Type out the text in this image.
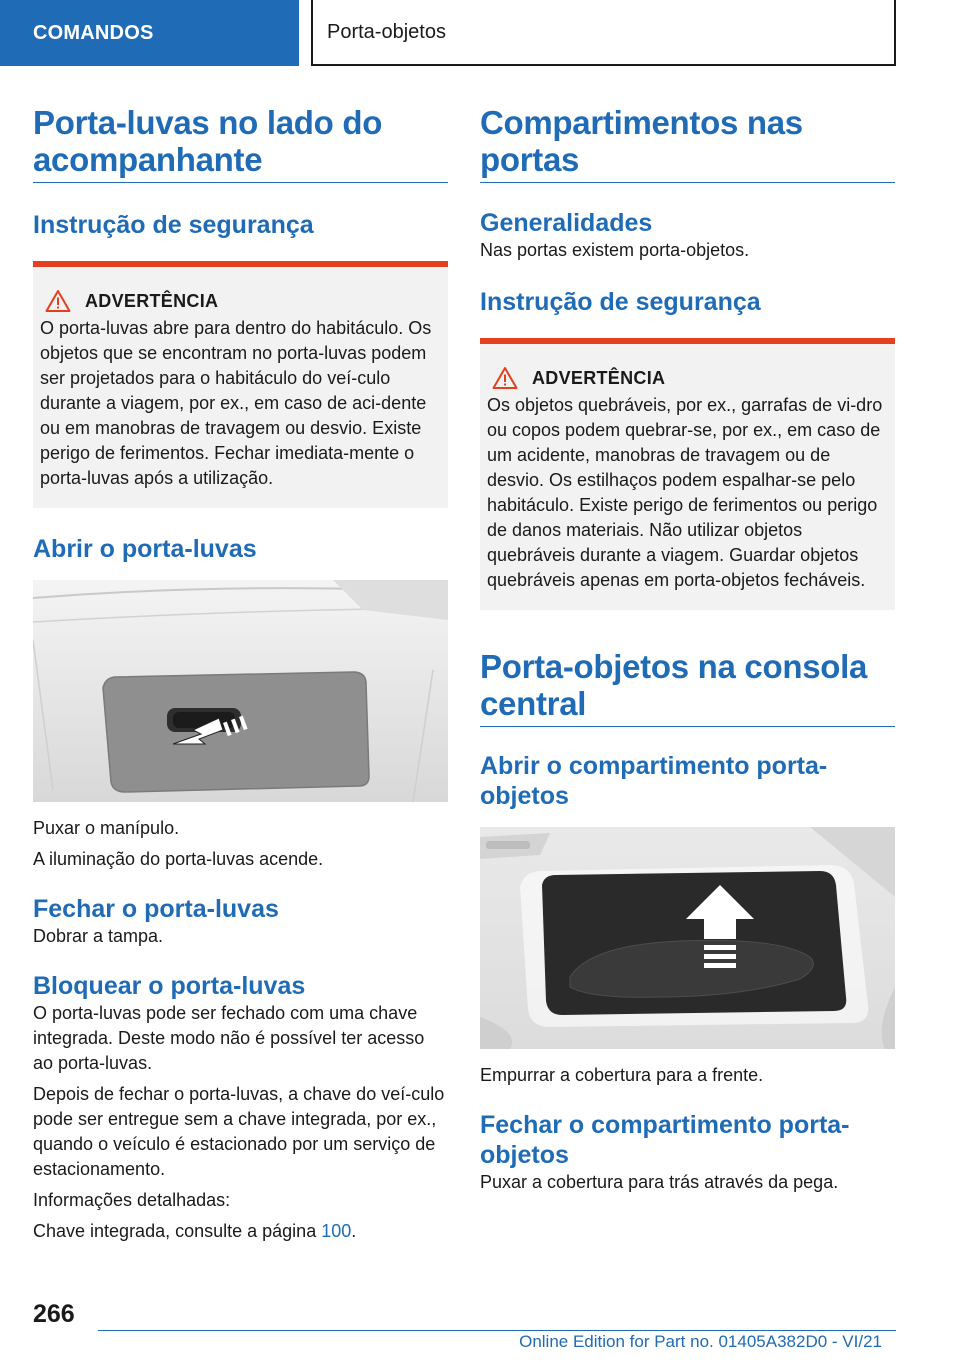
COMANDOS	Porta-objetos
Porta-luvas no lado do acompanhante
Instrução de segurança
ADVERTÊNCIA

O porta-luvas abre para dentro do habitáculo. Os objetos que se encontram no porta-luvas podem ser projetados para o habitáculo do veí-culo durante a viagem, por ex., em caso de aci-dente ou em manobras de travagem ou desvio. Existe perigo de ferimentos. Fechar imediata-mente o porta-luvas após a utilização.

Abrir o porta-luvas

Puxar o manípulo.

A iluminação do porta-luvas acende.

Fechar o porta-luvas

Dobrar a tampa.

Bloquear o porta-luvas

O porta-luvas pode ser fechado com uma chave integrada. Deste modo não é possível ter acesso ao porta-luvas.

Depois de fechar o porta-luvas, a chave do veí-culo pode ser entregue sem a chave integrada, por ex., quando o veículo é estacionado por um serviço de estacionamento.

Informações detalhadas:

Chave integrada, consulte a página 100.

Compartimentos nas portas
Generalidades

Nas portas existem porta-objetos.

Instrução de segurança
ADVERTÊNCIA

Os objetos quebráveis, por ex., garrafas de vi-dro ou copos podem quebrar-se, por ex., em caso de um acidente, manobras de travagem ou de desvio. Os estilhaços podem espalhar-se pelo habitáculo. Existe perigo de ferimentos ou perigo de danos materiais. Não utilizar objetos quebráveis durante a viagem. Guardar objetos quebráveis apenas em porta-objetos fecháveis.

Porta-objetos na consola central
Abrir o compartimento porta-objetos

Empurrar a cobertura para a frente.

Fechar o compartimento porta-objetos

Puxar a cobertura para trás através da pega.

266
Online Edition for Part no. 01405A382D0 - VI/21
